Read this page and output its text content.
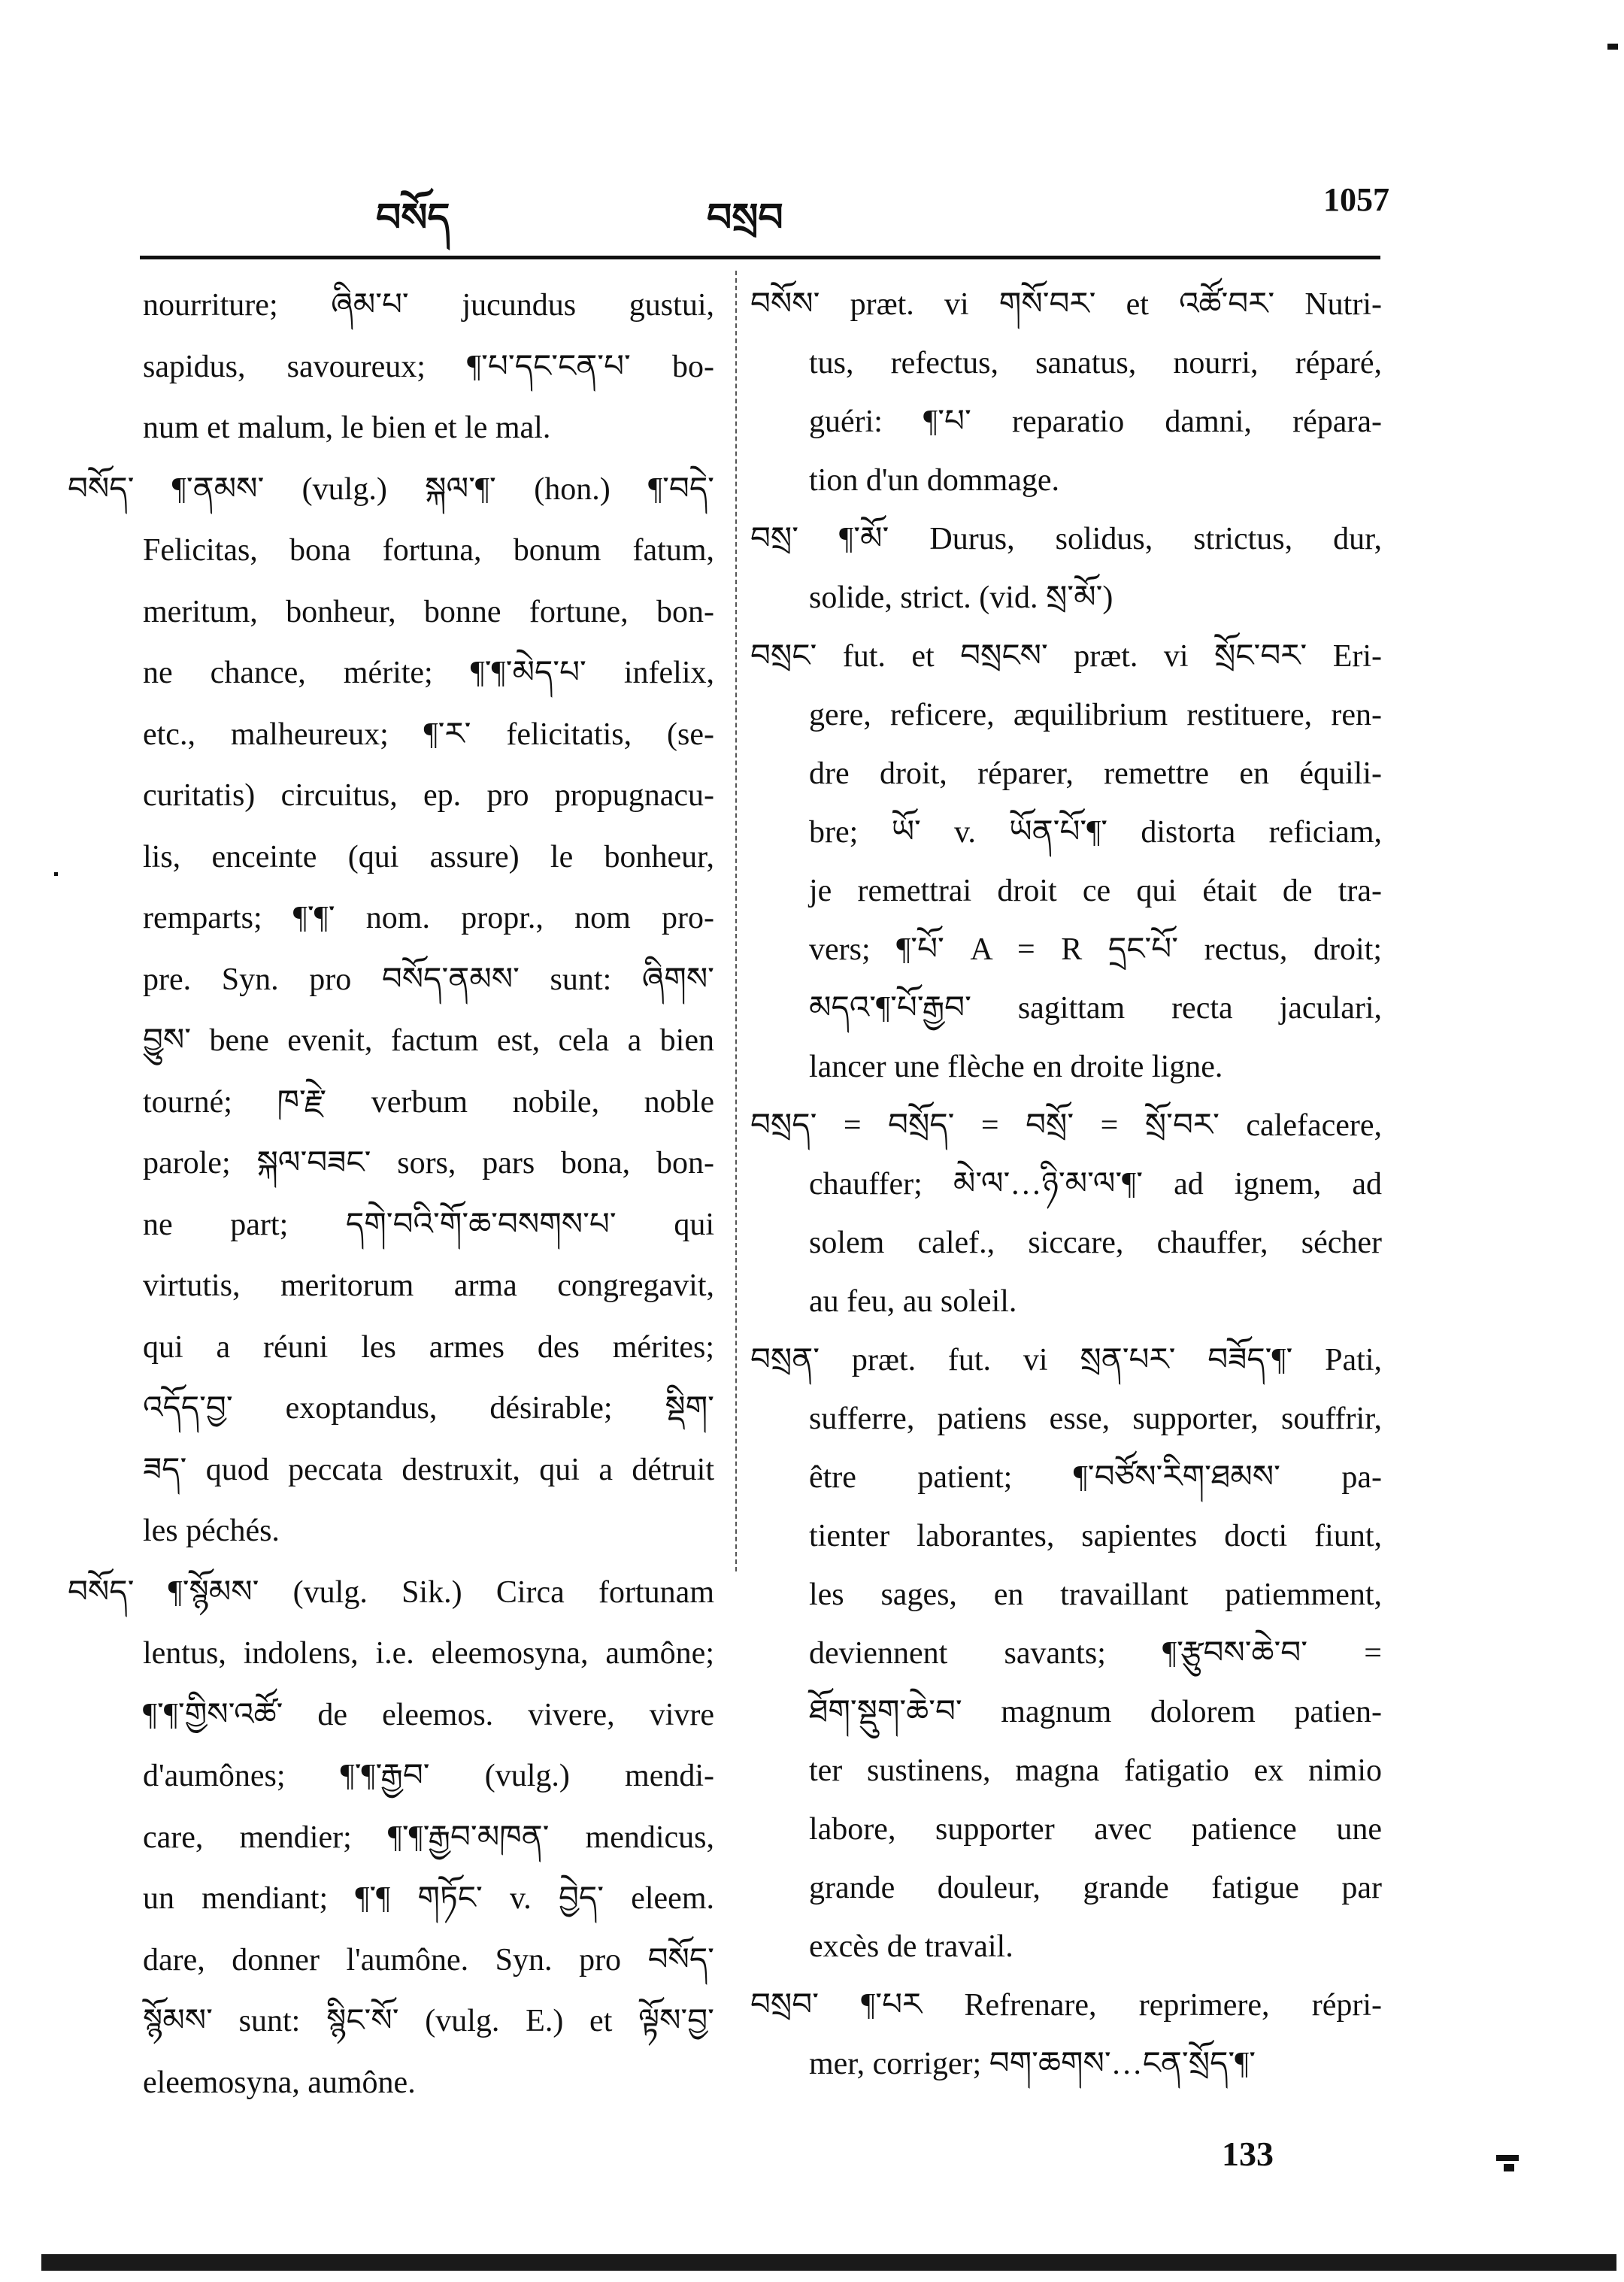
བསོད	བསྲབ	1057
nourriture; ཞིམ་པ་ jucundus gustui,
sapidus, savoureux; ¶་པ་དང་ངན་པ་ bo-
num et malum, le bien et le mal.
བསོད་ ¶་ནམས་ (vulg.) སྐལ་¶་ (hon.) ¶་བདེ་
Felicitas, bona fortuna, bonum fatum,
meritum, bonheur, bonne fortune, bon-
ne chance, mérite; ¶་¶་མེད་པ་ infelix,
etc., malheureux; ¶་ར་ felicitatis, (se-
curitatis) circuitus, ep. pro propugnacu-
lis, enceinte (qui assure) le bonheur,
remparts; ¶་¶་ nom. propr., nom pro-
pre. Syn. pro བསོད་ནམས་ sunt: ཞིགས་
བྱུས་ bene evenit, factum est, cela a bien
tourné; ཁ་རྗེ་ verbum nobile, noble
parole; སྐལ་བཟང་ sors, pars bona, bon-
ne part; དགེ་བའི་གོ་ཆ་བསགས་པ་ qui
virtutis, meritorum arma congregavit,
qui a réuni les armes des mérites;
འདོད་བྱ་ exoptandus, désirable; སྡིག་
ཟད་ quod peccata destruxit, qui a détruit
les péchés.
བསོད་ ¶་སྙོམས་ (vulg. Sik.) Circa fortunam
lentus, indolens, i.e. eleemosyna, aumône;
¶་¶་གྱིས་འཚོ་ de eleemos. vivere, vivre
d'aumônes; ¶་¶་རྒྱབ་ (vulg.) mendi-
care, mendier; ¶་¶་རྒྱབ་མཁན་ mendicus,
un mendiant; ¶་¶ གཏོང་ v. བྱེད་ eleem.
dare, donner l'aumône. Syn. pro བསོད་
སྙོམས་ sunt: སྙིང་སོ་ (vulg. E.) et ལྟོས་བྱ་
eleemosyna, aumône.
བསོས་ præt. vi གསོ་བར་ et འཚོ་བར་ Nutri-
tus, refectus, sanatus, nourri, réparé,
guéri: ¶་པ་ reparatio damni, répara-
tion d'un dommage.
བསྲ་ ¶་མོ་ Durus, solidus, strictus, dur,
solide, strict. (vid. སྲ་མོ་)
བསྲང་ fut. et བསྲངས་ præt. vi སྲོང་བར་ Eri-
gere, reficere, æquilibrium restituere, ren-
dre droit, réparer, remettre en équili-
bre; ཡོ་ v. ཡོན་པོ་¶་ distorta reficiam,
je remettrai droit ce qui était de tra-
vers; ¶་པོ་ A = R དྲང་པོ་ rectus, droit;
མདའ་¶་པོ་རྒྱབ་ sagittam recta jaculari,
lancer une flèche en droite ligne.
བསྲད་ = བསྲོད་ = བསྲོ་ = སྲོ་བར་ calefacere,
chauffer; མེ་ལ་…ཉི་མ་ལ་¶་ ad ignem, ad
solem calef., siccare, chauffer, sécher
au feu, au soleil.
བསྲན་ præt. fut. vi སྲན་པར་ བཟོད་¶་ Pati,
sufferre, patiens esse, supporter, souffrir,
être patient; ¶་བཙོས་རིག་ཐམས་ pa-
tienter laborantes, sapientes docti fiunt,
les sages, en travaillant patiemment,
deviennent savants; ¶་རྩུབས་ཆེ་བ་ =
ཐོག་སྡུག་ཆེ་བ་ magnum dolorem patien-
ter sustinens, magna fatigatio ex nimio
labore, supporter avec patience une
grande douleur, grande fatigue par
excès de travail.
བསྲབ་ ¶་པར Refrenare, reprimere, répri-
mer, corriger; བག་ཆགས་…ངན་སྲོད་¶་
133
